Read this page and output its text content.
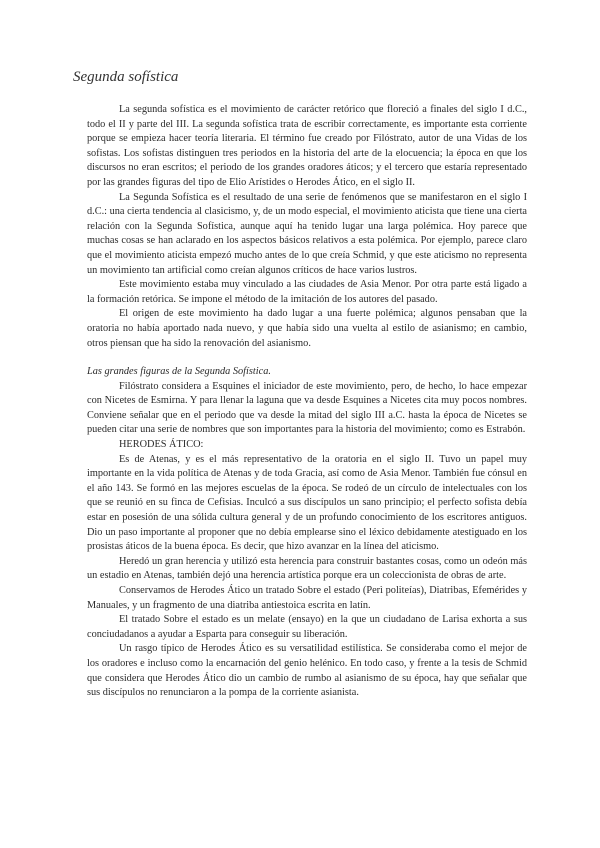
Segunda sofística

La segunda sofística es el movimiento de carácter retórico que floreció a finales del siglo I d.C., todo el II y parte del III. La segunda sofística trata de escribir correctamente, es importante esta corriente porque se empieza hacer teoría literaria. El término fue creado por Filóstrato, autor de una Vidas de los sofistas. Los sofistas distinguen tres periodos en la historia del arte de la elocuencia; la época en que los discursos no eran escritos; el periodo de los grandes oradores áticos; y el tercero que estaría representado por las grandes figuras del tipo de Elio Arístides o Herodes Ático, en el siglo II.

La Segunda Sofística es el resultado de una serie de fenómenos que se manifestaron en el siglo I d.C.: una cierta tendencia al clasicismo, y, de un modo especial, el movimiento aticista que tiene una cierta relación con la Segunda Sofística, aunque aquí ha tenido lugar una larga polémica. Hoy parece que muchas cosas se han aclarado en los aspectos básicos relativos a esta polémica. Por ejemplo, parece claro que el movimiento aticista empezó mucho antes de lo que creía Schmid, y que este aticismo no representa un movimiento tan artificial como creían algunos críticos de hace varios lustros.

Este movimiento estaba muy vinculado a las ciudades de Asia Menor. Por otra parte está ligado a la formación retórica. Se impone el método de la imitación de los autores del pasado.

El origen de este movimiento ha dado lugar a una fuerte polémica; algunos pensaban que la oratoria no había aportado nada nuevo, y que había sido una vuelta al estilo de asianismo; en cambio, otros piensan que ha sido la renovación del asianismo.

Las grandes figuras de la Segunda Sofística.

Filóstrato considera a Esquines el iniciador de este movimiento, pero, de hecho, lo hace empezar con Nicetes de Esmirna. Y para llenar la laguna que va desde Esquines a Nicetes cita muy pocos nombres. Conviene señalar que en el periodo que va desde la mitad del siglo III a.C. hasta la época de Nicetes se pueden citar una serie de nombres que son importantes para la historia del movimiento; como es Estrabón.

HERODES ÁTICO:

Es de Atenas, y es el más representativo de la oratoria en el siglo II. Tuvo un papel muy importante en la vida política de Atenas y de toda Gracia, así como de Asia Menor. También fue cónsul en el año 143. Se formó en las mejores escuelas de la época. Se rodeó de un círculo de intelectuales con los que se reunió en su finca de Cefisias. Inculcó a sus discípulos un sano principio; el perfecto sofista debía estar en posesión de una sólida cultura general y de un profundo conocimiento de los escritores antiguos. Dio un paso importante al proponer que no debía emplearse sino el léxico debidamente atestiguado en los prosistas áticos de la buena época. Es decir, que hizo avanzar en la línea del aticismo.

Heredó un gran herencia y utilizó esta herencia para construir bastantes cosas, como un odeón más un estadio en Atenas, también dejó una herencia artística porque era un coleccionista de obras de arte.

Conservamos de Herodes Ático un tratado Sobre el estado (Perì politeías), Diatribas, Efemérides y Manuales, y un fragmento de una diatriba antiestoica escrita en latín.

El tratado Sobre el estado es un melate (ensayo) en la que un ciudadano de Larisa exhorta a sus conciudadanos a ayudar a Esparta para conseguir su liberación.

Un rasgo típico de Herodes Ático es su versatilidad estilística. Se consideraba como el mejor de los oradores e incluso como la encarnación del genio helénico. En todo caso, y frente a la tesis de Schmid que considera que Herodes Ático dio un cambio de rumbo al asianismo de su época, hay que señalar que sus discípulos no renunciaron a la pompa de la corriente asianista.
